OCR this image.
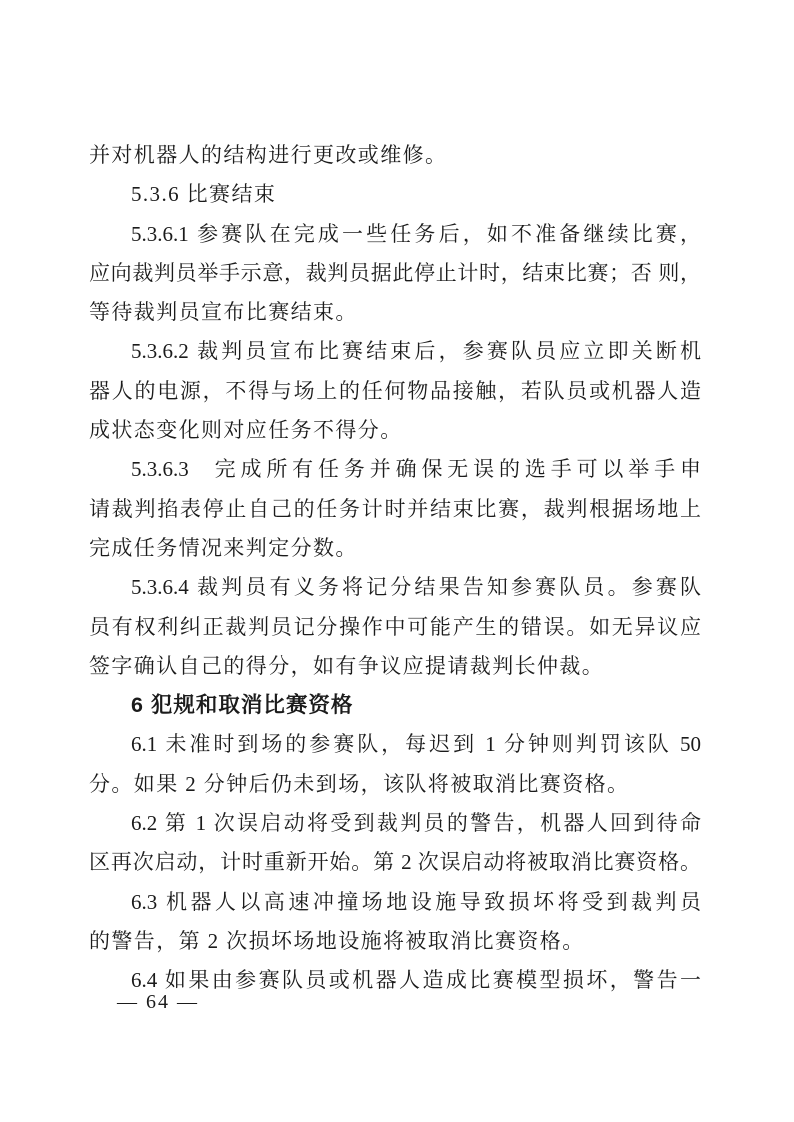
并对机器人的结构进行更改或维修。
5.3.6 比赛结束
5.3.6.1 参赛队在完成一些任务后，如不准备继续比赛，
应向裁判员举手示意，裁判员据此停止计时，结束比赛；否 则，
等待裁判员宣布比赛结束。
5.3.6.2 裁判员宣布比赛结束后，参赛队员应立即关断机
器人的电源，不得与场上的任何物品接触，若队员或机器人造
成状态变化则对应任务不得分。
5.3.6.3  完成所有任务并确保无误的选手可以举手申
请裁判掐表停止自己的任务计时并结束比赛，裁判根据场地上
完成任务情况来判定分数。
5.3.6.4 裁判员有义务将记分结果告知参赛队员。参赛队
员有权利纠正裁判员记分操作中可能产生的错误。如无异议应
签字确认自己的得分，如有争议应提请裁判长仲裁。
6 犯规和取消比赛资格
6.1 未准时到场的参赛队，每迟到 1 分钟则判罚该队 50
分。如果 2 分钟后仍未到场，该队将被取消比赛资格。
6.2 第 1 次误启动将受到裁判员的警告，机器人回到待命
区再次启动，计时重新开始。第 2 次误启动将被取消比赛资格。
6.3 机器人以高速冲撞场地设施导致损坏将受到裁判员
的警告，第 2 次损坏场地设施将被取消比赛资格。
6.4 如果由参赛队员或机器人造成比赛模型损坏，警告一
— 64 —
